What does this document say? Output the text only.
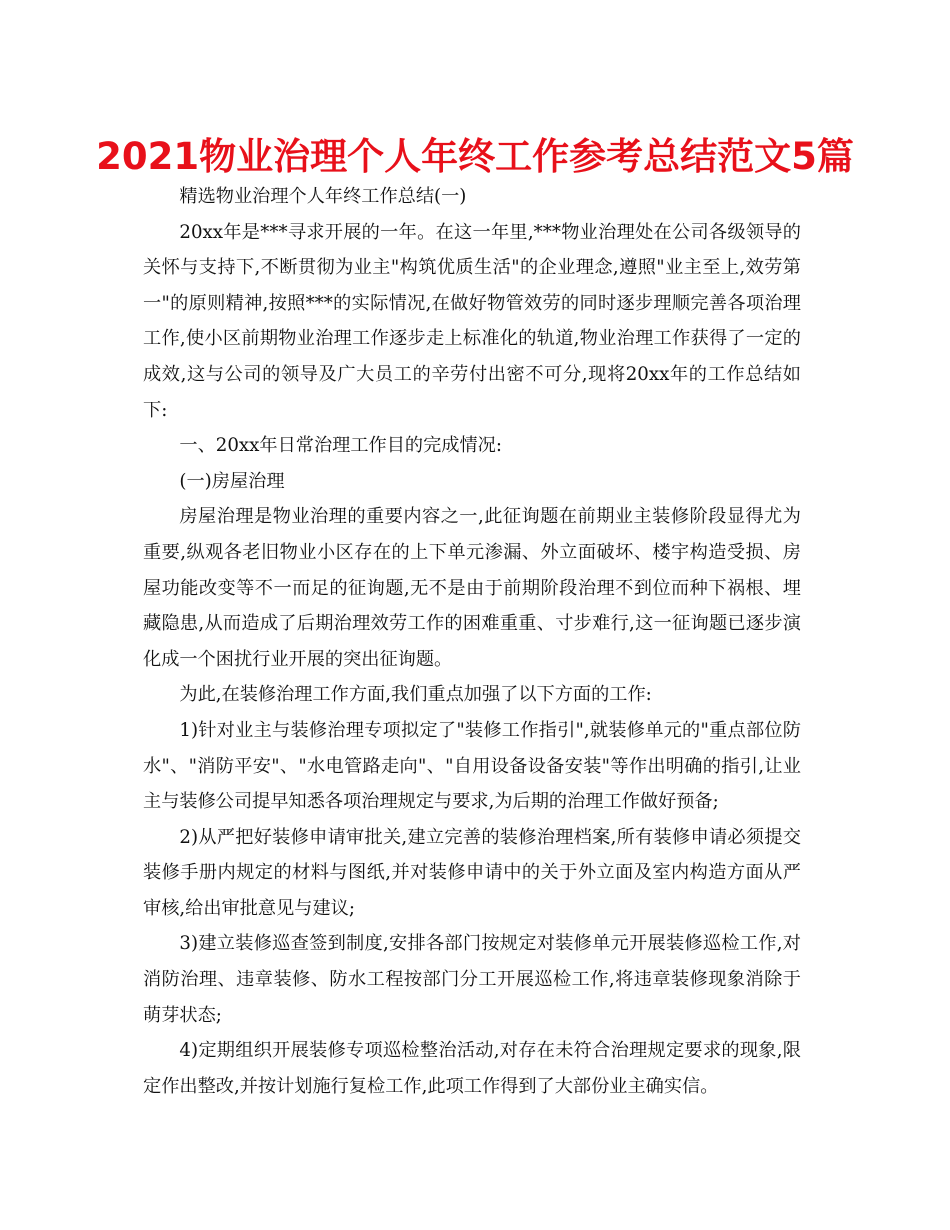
2021物业治理个人年终工作参考总结范文5篇

精选物业治理个人年终工作总结(一)

20xx年是***寻求开展的一年。在这一年里,***物业治理处在公司各级领导的关怀与支持下,不断贯彻为业主"构筑优质生活"的企业理念,遵照"业主至上,效劳第一"的原则精神,按照***的实际情况,在做好物管效劳的同时逐步理顺完善各项治理工作,使小区前期物业治理工作逐步走上标准化的轨道,物业治理工作获得了一定的成效,这与公司的领导及广大员工的辛劳付出密不可分,现将20xx年的工作总结如下:

一、20xx年日常治理工作目的完成情况:

(一)房屋治理

房屋治理是物业治理的重要内容之一,此征询题在前期业主装修阶段显得尤为重要,纵观各老旧物业小区存在的上下单元渗漏、外立面破坏、楼宇构造受损、房屋功能改变等不一而足的征询题,无不是由于前期阶段治理不到位而种下祸根、埋藏隐患,从而造成了后期治理效劳工作的困难重重、寸步难行,这一征询题已逐步演化成一个困扰行业开展的突出征询题。

为此,在装修治理工作方面,我们重点加强了以下方面的工作:

1)针对业主与装修治理专项拟定了"装修工作指引",就装修单元的"重点部位防水"、"消防平安"、"水电管路走向"、"自用设备设备安装"等作出明确的指引,让业主与装修公司提早知悉各项治理规定与要求,为后期的治理工作做好预备;

2)从严把好装修申请审批关,建立完善的装修治理档案,所有装修申请必须提交装修手册内规定的材料与图纸,并对装修申请中的关于外立面及室内构造方面从严审核,给出审批意见与建议;

3)建立装修巡查签到制度,安排各部门按规定对装修单元开展装修巡检工作,对消防治理、违章装修、防水工程按部门分工开展巡检工作,将违章装修现象消除于萌芽状态;

4)定期组织开展装修专项巡检整治活动,对存在未符合治理规定要求的现象,限定作出整改,并按计划施行复检工作,此项工作得到了大部份业主确实信。
